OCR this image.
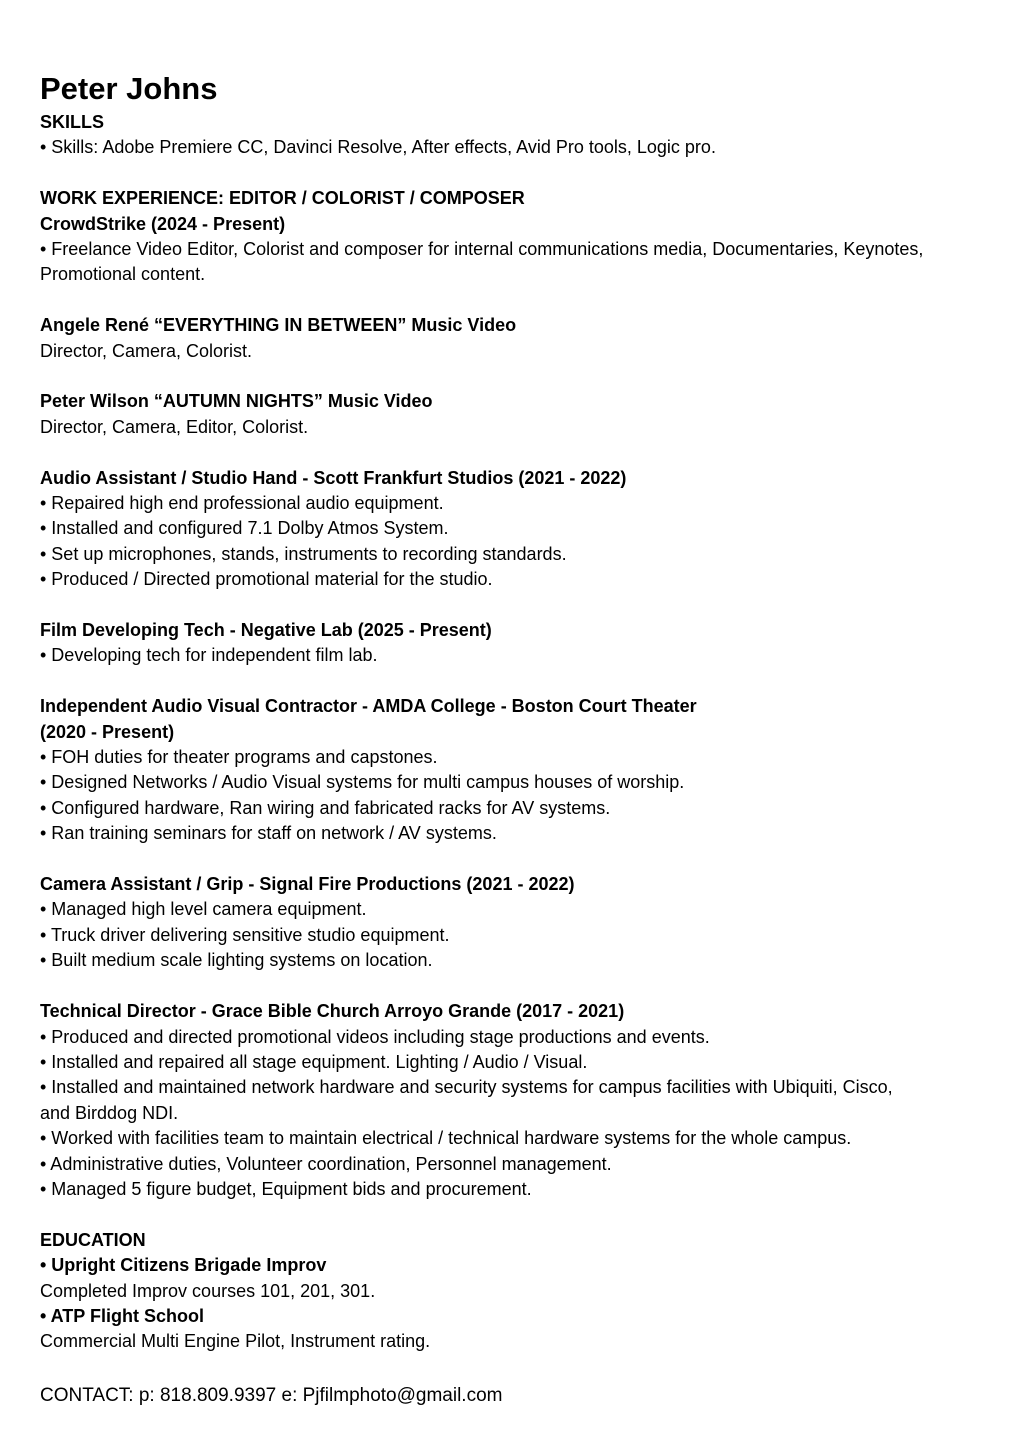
Peter Johns

SKILLS

• Skills: Adobe Premiere CC, Davinci Resolve, After effects, Avid Pro tools, Logic pro.

WORK EXPERIENCE: EDITOR / COLORIST / COMPOSER

CrowdStrike (2024 - Present)

• Freelance Video Editor, Colorist and composer for internal communications media, Documentaries, Keynotes,

Promotional content.

Angele René “EVERYTHING IN BETWEEN” Music Video

Director, Camera, Colorist.

Peter Wilson “AUTUMN NIGHTS” Music Video

Director, Camera, Editor, Colorist.

Audio Assistant / Studio Hand - Scott Frankfurt Studios (2021 - 2022)

• Repaired high end professional audio equipment.

• Installed and configured 7.1 Dolby Atmos System.

• Set up microphones, stands, instruments to recording standards.

• Produced / Directed promotional material for the studio.

Film Developing Tech - Negative Lab (2025 - Present)

• Developing tech for independent film lab.

Independent Audio Visual Contractor - AMDA College - Boston Court Theater

(2020 - Present)

• FOH duties for theater programs and capstones.

• Designed Networks / Audio Visual systems for multi campus houses of worship.

• Configured hardware, Ran wiring and fabricated racks for AV systems.

• Ran training seminars for staff on network / AV systems.

Camera Assistant / Grip - Signal Fire Productions (2021 - 2022)

• Managed high level camera equipment.

• Truck driver delivering sensitive studio equipment.

• Built medium scale lighting systems on location.

Technical Director - Grace Bible Church Arroyo Grande (2017 - 2021)

• Produced and directed promotional videos including stage productions and events.

• Installed and repaired all stage equipment. Lighting / Audio / Visual.

• Installed and maintained network hardware and security systems for campus facilities with Ubiquiti, Cisco,

and Birddog NDI.

• Worked with facilities team to maintain electrical / technical hardware systems for the whole campus.

• Administrative duties, Volunteer coordination, Personnel management.

• Managed 5 figure budget, Equipment bids and procurement.

EDUCATION

• Upright Citizens Brigade Improv

Completed Improv courses 101, 201, 301.

• ATP Flight School

Commercial Multi Engine Pilot, Instrument rating.

CONTACT: p: 818.809.9397 e: Pjfilmphoto@gmail.com
